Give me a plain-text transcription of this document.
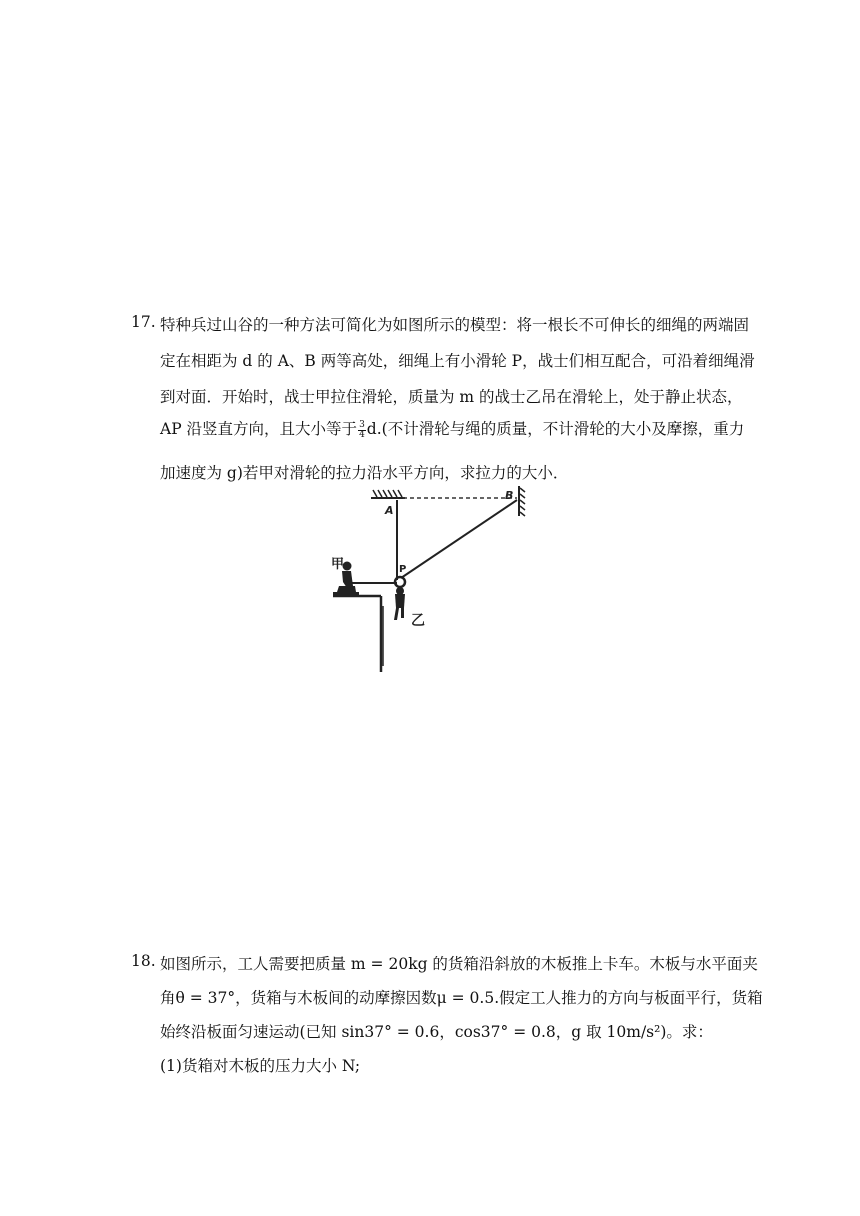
17. 特种兵过山谷的一种方法可简化为如图所示的模型：将一根长不可伸长的细绳的两端固
定在相距为 d 的 A、B 两等高处，细绳上有小滑轮 P，战士们相互配合，可沿着细绳滑
到对面．开始时，战士甲拉住滑轮，质量为 m 的战士乙吊在滑轮上，处于静止状态，
AP 沿竖直方向，且大小等于 $\frac{3}{4} d$.(不计滑轮与绳的质量，不计滑轮的大小及摩擦，重力
加速度为 g)若甲对滑轮的拉力沿水平方向，求拉力的大小．
A
B
P
甲
乙
18. 如图所示，工人需要把质量 m = 20kg 的货箱沿斜放的木板推上卡车。木板与水平面夹
角θ = 37°，货箱与木板间的动摩擦因数μ = 0.5.假定工人推力的方向与板面平行，货箱
始终沿板面匀速运动(已知 sin37° = 0.6，cos37° = 0.8，g 取 10m/s²)。求：
(1)货箱对木板的压力大小 N;
